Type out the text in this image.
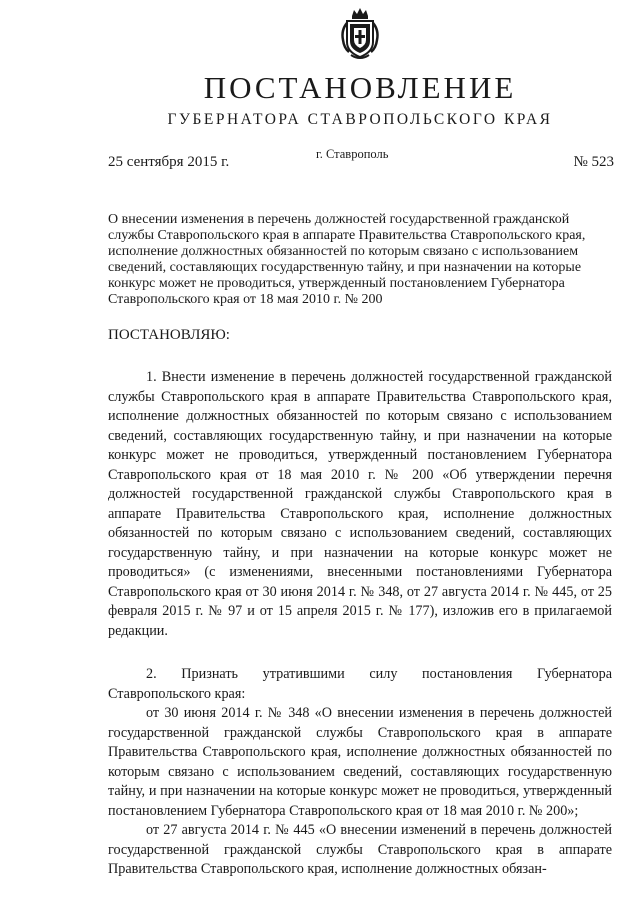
ПОСТАНОВЛЕНИЕ
ГУБЕРНАТОРА СТАВРОПОЛЬСКОГО КРАЯ
25 сентября 2015 г.	г. Ставрополь	№ 523
О внесении изменения в перечень должностей государственной гражданской службы Ставропольского края в аппарате Правительства Ставропольского края, исполнение должностных обязанностей по которым связано с использованием сведений, составляющих государственную тайну, и при назначении на которые конкурс может не проводиться, утвержденный постановлением Губернатора Ставропольского края от 18 мая 2010 г. № 200
ПОСТАНОВЛЯЮ:

1. Внести изменение в перечень должностей государственной гражданской службы Ставропольского края в аппарате Правительства Ставропольского края, исполнение должностных обязанностей по которым связано с использованием сведений, составляющих государственную тайну, и при назначении на которые конкурс может не проводиться, утвержденный постановлением Губернатора Ставропольского края от 18 мая 2010 г. № 200 «Об утверждении перечня должностей государственной гражданской службы Ставропольского края в аппарате Правительства Ставропольского края, исполнение должностных обязанностей по которым связано с использованием сведений, составляющих государственную тайну, и при назначении на которые конкурс может не проводиться» (с изменениями, внесенными постановлениями Губернатора Ставропольского края от 30 июня 2014 г. № 348, от 27 августа 2014 г. № 445, от 25 февраля 2015 г. № 97 и от 15 апреля 2015 г. № 177), изложив его в прилагаемой редакции.

2. Признать утратившими силу постановления Губернатора Ставропольского края:

от 30 июня 2014 г. № 348 «О внесении изменения в перечень должностей государственной гражданской службы Ставропольского края в аппарате Правительства Ставропольского края, исполнение должностных обязанностей по которым связано с использованием сведений, составляющих государственную тайну, и при назначении на которые конкурс может не проводиться, утвержденный постановлением Губернатора Ставропольского края от 18 мая 2010 г. № 200»;

от 27 августа 2014 г. № 445 «О внесении изменений в перечень должностей государственной гражданской службы Ставропольского края в аппарате Правительства Ставропольского края, исполнение должностных обязан-
